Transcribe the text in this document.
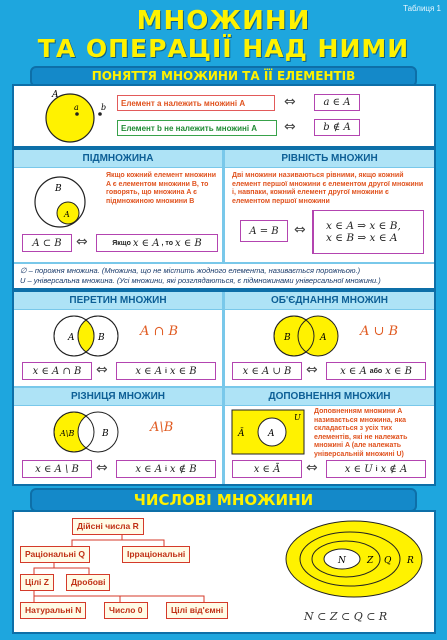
Таблиця 1
МНОЖИНИ
ТА ОПЕРАЦІЇ НАД НИМИ
ПОНЯТТЯ МНОЖИНИ ТА ЇЇ ЕЛЕМЕНТІВ
A
a	b	Елемент a належить множині A	⇔	a ∈ A
Елемент b не належить множині A	⇔	b ∉ A
ПІДМНОЖИНА	РІВНІСТЬ МНОЖИН
B
A
Якщо кожний елемент множини A є елементом множини B, то говорять, що множина A є підмножиною множини B
A ⊂ B	⇔	Якщо x ∈ A , то x ∈ B
Дві множини називаються рівними, якщо кожний елемент першої множини є елементом другої множини і, навпаки, кожний елемент другої множини є елементом першої множини
A = B	⇔ x ∈ A ⇒ x ∈ B,
x ∈ B ⇒ x ∈ A
∅ – порожня множина. (Множина, що не містить жодного елемента, називається порожньою.)
U – універсальна множина. (Усі множини, які розглядаються, є підмножинами універсальної множини.)
ПЕРЕТИН МНОЖИН
A	B	A ∩ B
x ∈ A ∩ B	⇔	x ∈ A і x ∈ B
ОБ'ЄДНАННЯ МНОЖИН
B	A	A ∪ B
x ∈ A ∪ B	⇔ x ∈ A або x ∈ B
РІЗНИЦЯ МНОЖИН
A\B	B	A\B
x ∈ A \ B	⇔	x ∈ A і x ∉ B
ДОПОВНЕННЯ МНОЖИН
U
A
Ā
Доповненням множини A називається множина, яка складається з усіх тих елементів, які не належать множині A (але належать універсальній множині U)
x ∈ Ā	⇔	x ∈ U і x ∉ A
ЧИСЛОВІ МНОЖИНИ
Дійсні числа R
Раціональні Q	Ірраціональні
Цілі Z	Дробові
Натуральні N	Число 0	Цілі від'ємні
N Z Q R
N ⊂ Z ⊂ Q ⊂ R
